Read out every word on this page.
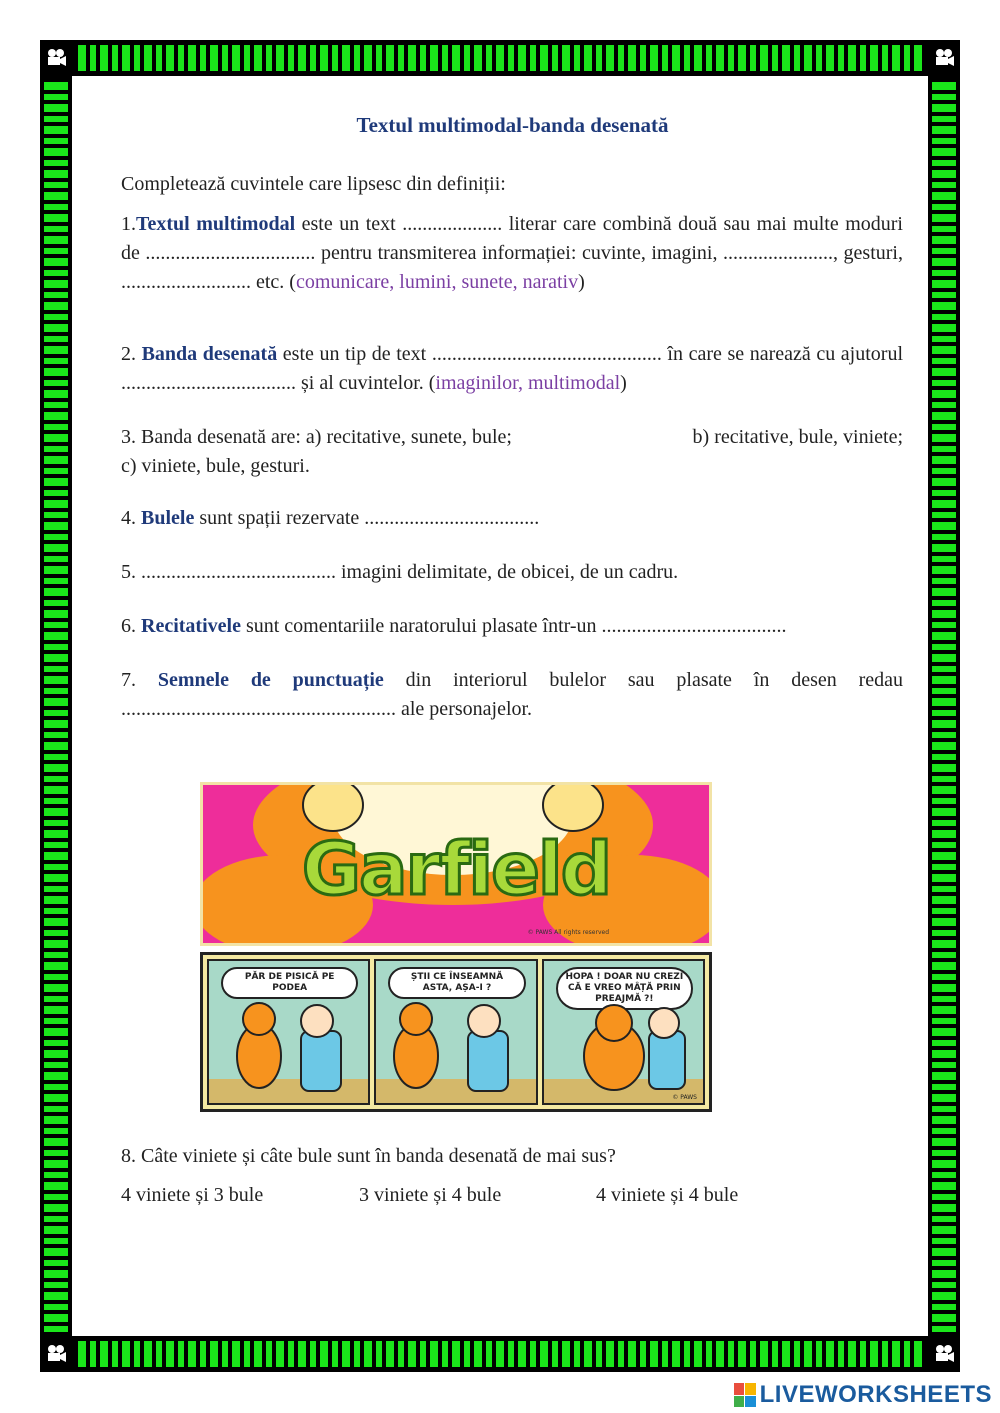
Textul multimodal-banda desenată

Completează cuvintele care lipsesc din definiții:

1.Textul multimodal este un text .................... literar care combină două sau mai multe moduri de .................................. pentru transmiterea informației: cuvinte, imagini, ......................, gesturi, .......................... etc. (comunicare, lumini, sunete, narativ)

2. Banda desenată este un tip de text .............................................. în care se narează cu ajutorul ................................... și al cuvintelor. (imaginilor, multimodal)

3. Banda desenată are: a) recitative, sunete, bule;	b) recitative, bule, viniete;

c) viniete, bule, gesturi.

4. Bulele sunt spații rezervate ...................................

5. ....................................... imagini delimitate, de obicei, de un cadru.

6. Recitativele sunt comentariile naratorului plasate într-un .....................................

7. Semnele de punctuație din interiorul bulelor sau plasate în desen redau ....................................................... ale personajelor.

Garfield
© PAWS All rights reserved
PĂR DE PISICĂ PE PODEA
ȘTII CE ÎNSEAMNĂ ASTA, AȘA-I ?
HOPA ! DOAR NU CREZI CĂ E VREO MÂȚĂ PRIN PREAJMĂ ?!
© PAWS

8. Câte viniete și câte bule sunt în banda desenată de mai sus?

4 viniete și 3 bule	3 viniete și 4 bule	4 viniete și 4 bule
LIVEWORKSHEETS
